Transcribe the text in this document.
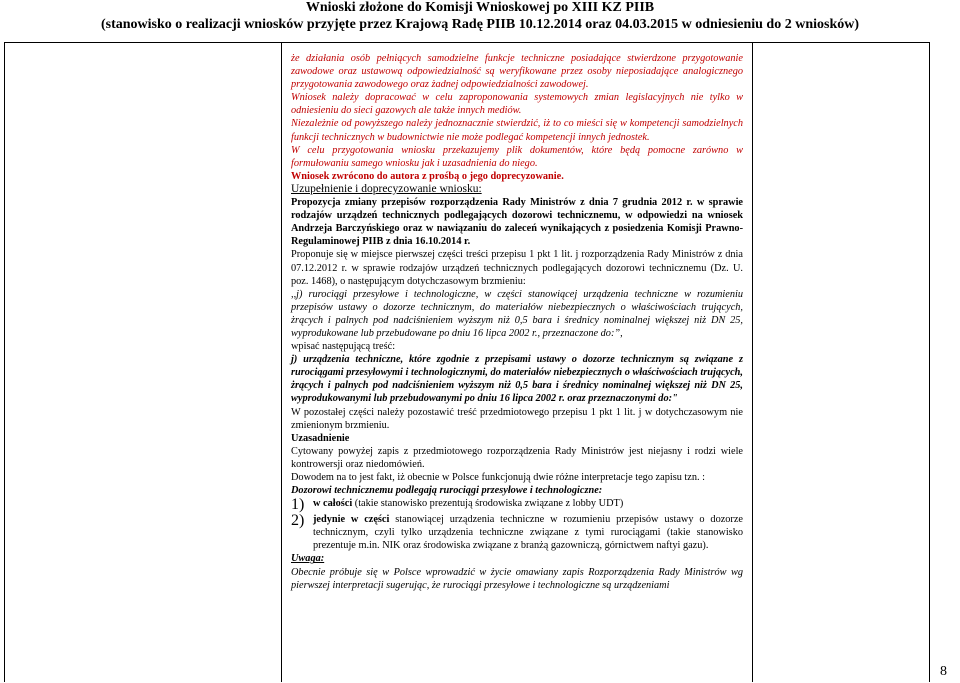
Wnioski złożone do Komisji Wnioskowej po XIII KZ PIIB
(stanowisko o realizacji wniosków przyjęte przez Krajową Radę PIIB 10.12.2014 oraz 04.03.2015 w odniesieniu do 2 wniosków)

że działania osób pełniących samodzielne funkcje techniczne posiadające stwierdzone przygotowanie zawodowe oraz ustawową odpowiedzialność są weryfikowane przez osoby nieposiadające analogicznego przygotowania zawodowego oraz żadnej odpowiedzialności zawodowej.

Wniosek należy dopracować w celu zaproponowania systemowych zmian legislacyjnych nie tylko w odniesieniu do sieci gazowych ale także innych mediów.

Niezależnie od powyższego należy jednoznacznie stwierdzić, iż to co mieści się w kompetencji samodzielnych funkcji technicznych w budownictwie nie może podlegać kompetencji innych jednostek.

W celu przygotowania wniosku przekazujemy plik dokumentów, które będą pomocne zarówno w formułowaniu samego wniosku jak i uzasadnienia do niego.

Wniosek zwrócono do autora z prośbą o jego doprecyzowanie.

Uzupełnienie i doprecyzowanie wniosku:

Propozycja zmiany przepisów rozporządzenia Rady Ministrów z dnia 7 grudnia 2012 r. w sprawie rodzajów urządzeń technicznych podlegających dozorowi technicznemu, w odpowiedzi na wniosek Andrzeja Barczyńskiego oraz w nawiązaniu do zaleceń wynikających z posiedzenia Komisji Prawno-Regulaminowej PIIB z dnia 16.10.2014 r.

Proponuje się w miejsce pierwszej części treści przepisu 1 pkt 1 lit. j rozporządzenia Rady Ministrów z dnia 07.12.2012 r. w sprawie rodzajów urządzeń technicznych podlegających dozorowi technicznemu (Dz. U. poz. 1468), o następującym dotychczasowym brzmieniu:

,,j) rurociągi przesyłowe i technologiczne, w części stanowiącej urządzenia techniczne w rozumieniu przepisów ustawy o dozorze technicznym, do materiałów niebezpiecznych o właściwościach trujących, żrących i palnych pod nadciśnieniem wyższym niż 0,5 bara i średnicy nominalnej większej niż DN 25, wyprodukowane lub przebudowane po dniu 16 lipca 2002 r., przeznaczone do:”,

wpisać następującą treść:

j) urządzenia techniczne, które zgodnie z przepisami ustawy o dozorze technicznym są związane z rurociągami przesyłowymi i technologicznymi, do materiałów niebezpiecznych o właściwościach trujących, żrących i palnych pod nadciśnieniem wyższym niż 0,5 bara i średnicy nominalnej większej niż DN 25, wyprodukowanymi lub przebudowanymi po dniu 16 lipca 2002 r. oraz przeznaczonymi do:"

W pozostałej części należy pozostawić treść przedmiotowego przepisu 1 pkt 1 lit. j w dotychczasowym nie zmienionym brzmieniu.

Uzasadnienie

Cytowany powyżej zapis z przedmiotowego rozporządzenia Rady Ministrów jest niejasny i rodzi wiele kontrowersji oraz niedomówień.

Dowodem na to jest fakt, iż obecnie w Polsce funkcjonują dwie różne interpretacje tego zapisu tzn. :

Dozorowi technicznemu podlegają rurociągi przesyłowe i technologiczne:

1) w całości (takie stanowisko prezentują środowiska związane z lobby UDT)
2) jedynie w części stanowiącej urządzenia techniczne w rozumieniu przepisów ustawy o dozorze technicznym, czyli tylko urządzenia techniczne związane z tymi rurociągami (takie stanowisko prezentuje m.in. NIK oraz środowiska związane z branżą gazowniczą, górnictwem naftyi gazu).

Uwaga:

Obecnie próbuje się w Polsce wprowadzić w życie omawiany zapis Rozporządzenia Rady Ministrów wg pierwszej interpretacji sugerując, że rurociągi przesyłowe i technologiczne są urządzeniami

8
